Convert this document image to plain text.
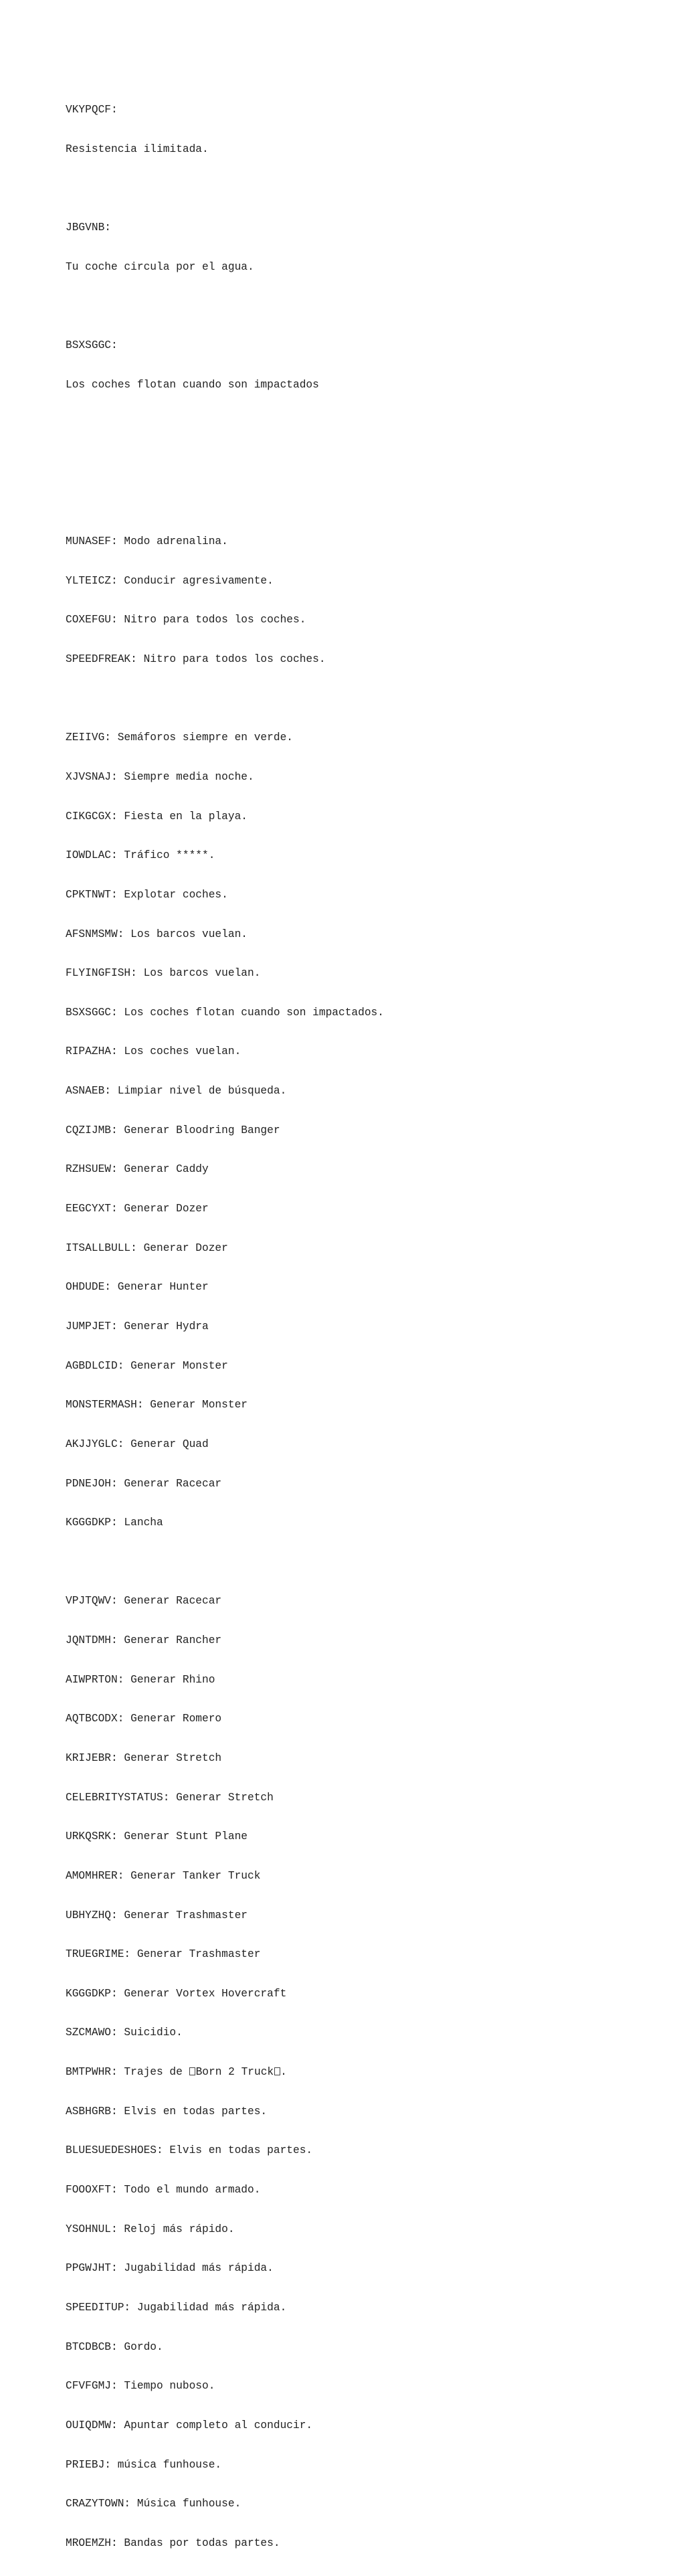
VKYPQCF:

Resistencia ilimitada.

JBGVNB:

Tu coche circula por el agua.

BSXSGGC:

Los coches flotan cuando son impactados

MUNASEF: Modo adrenalina.

YLTEICZ: Conducir agresivamente.

COXEFGU: Nitro para todos los coches.

SPEEDFREAK: Nitro para todos los coches.

ZEIIVG: Semáforos siempre en verde.

XJVSNAJ: Siempre media noche.

CIKGCGX: Fiesta en la playa.

IOWDLAC: Tráfico *****.

CPKTNWT: Explotar coches.

AFSNMSMW: Los barcos vuelan.

FLYINGFISH: Los barcos vuelan.

BSXSGGC: Los coches flotan cuando son impactados.

RIPAZHA: Los coches vuelan.

ASNAEB: Limpiar nivel de búsqueda.

CQZIJMB: Generar Bloodring Banger

RZHSUEW: Generar Caddy

EEGCYXT: Generar Dozer

ITSALLBULL: Generar Dozer

OHDUDE: Generar Hunter

JUMPJET: Generar Hydra

AGBDLCID: Generar Monster

MONSTERMASH: Generar Monster

AKJJYGLC: Generar Quad

PDNEJOH: Generar Racecar

KGGGDKP: Lancha

VPJTQWV: Generar Racecar

JQNTDMH: Generar Rancher

AIWPRTON: Generar Rhino

AQTBCODX: Generar Romero

KRIJEBR: Generar Stretch

CELEBRITYSTATUS: Generar Stretch

URKQSRK: Generar Stunt Plane

AMOMHRER: Generar Tanker Truck

UBHYZHQ: Generar Trashmaster

TRUEGRIME: Generar Trashmaster

KGGGDKP: Generar Vortex Hovercraft

SZCMAWO: Suicidio.

BMTPWHR: Trajes de Born 2 Truck .

ASBHGRB: Elvis en todas partes.

BLUESUEDESHOES: Elvis en todas partes.

FOOOXFT: Todo el mundo armado.

YSOHNUL: Reloj más rápido.

PPGWJHT: Jugabilidad más rápida.

SPEEDITUP: Jugabilidad más rápida.

BTCDBCB: Gordo.

CFVFGMJ: Tiempo nuboso.

OUIQDMW: Apuntar completo al conducir.

PRIEBJ: música funhouse.

CRAZYTOWN: Música funhouse.

MROEMZH: Bandas por todas partes.
